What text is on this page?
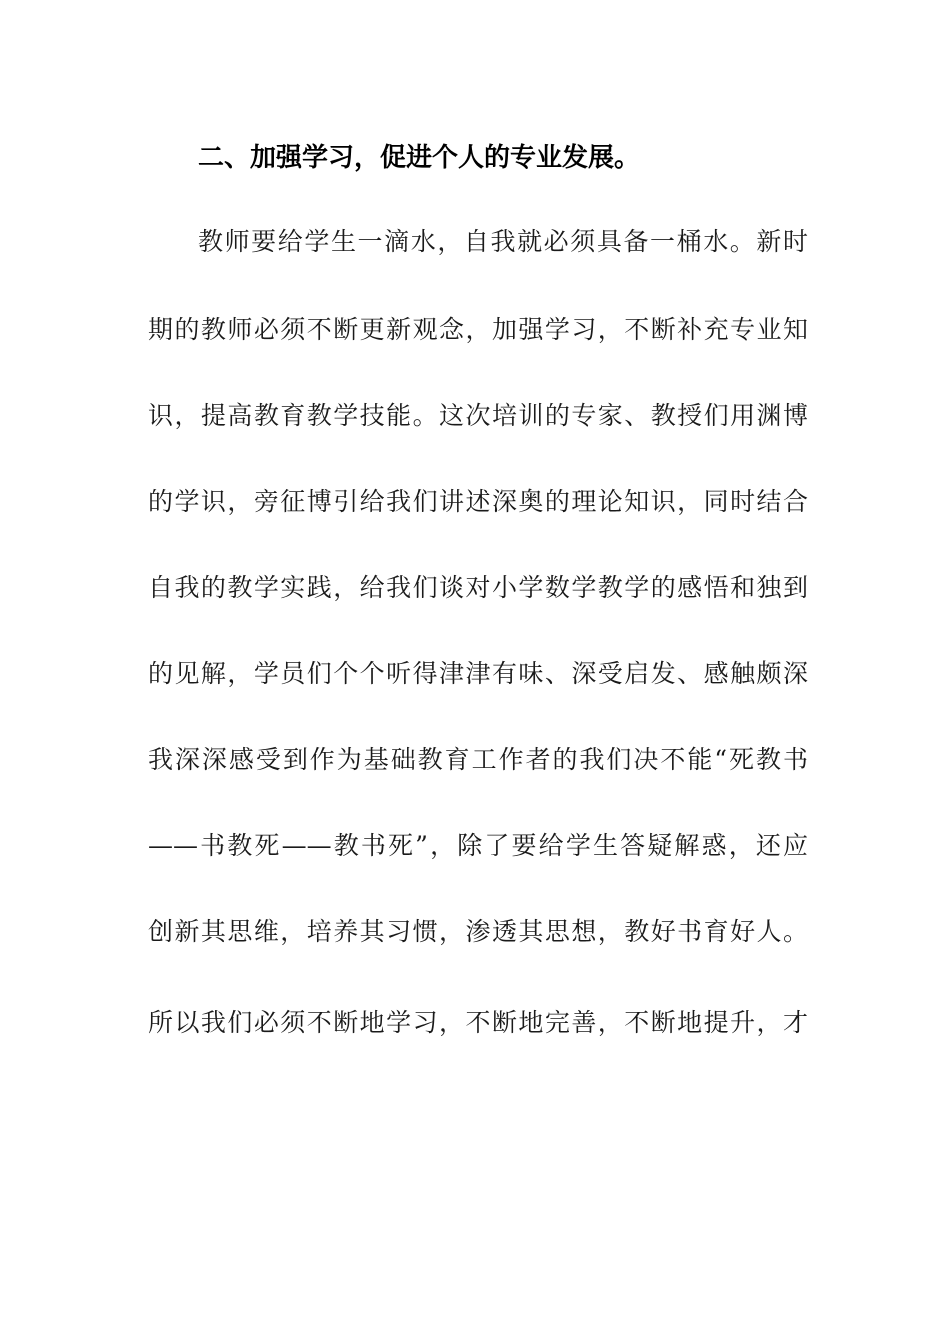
二、加强学习，促进个人的专业发展。
教师要给学生一滴水，自我就必须具备一桶水。新时
期的教师必须不断更新观念，加强学习，不断补充专业知
识，提高教育教学技能。这次培训的专家、教授们用渊博
的学识，旁征博引给我们讲述深奥的理论知识，同时结合
自我的教学实践，给我们谈对小学数学教学的感悟和独到
的见解，学员们个个听得津津有味、深受启发、感触颇深
我深深感受到作为基础教育工作者的我们决不能“死教书
——书教死——教书死”，除了要给学生答疑解惑，还应
创新其思维，培养其习惯，渗透其思想，教好书育好人。
所以我们必须不断地学习，不断地完善，不断地提升，才
